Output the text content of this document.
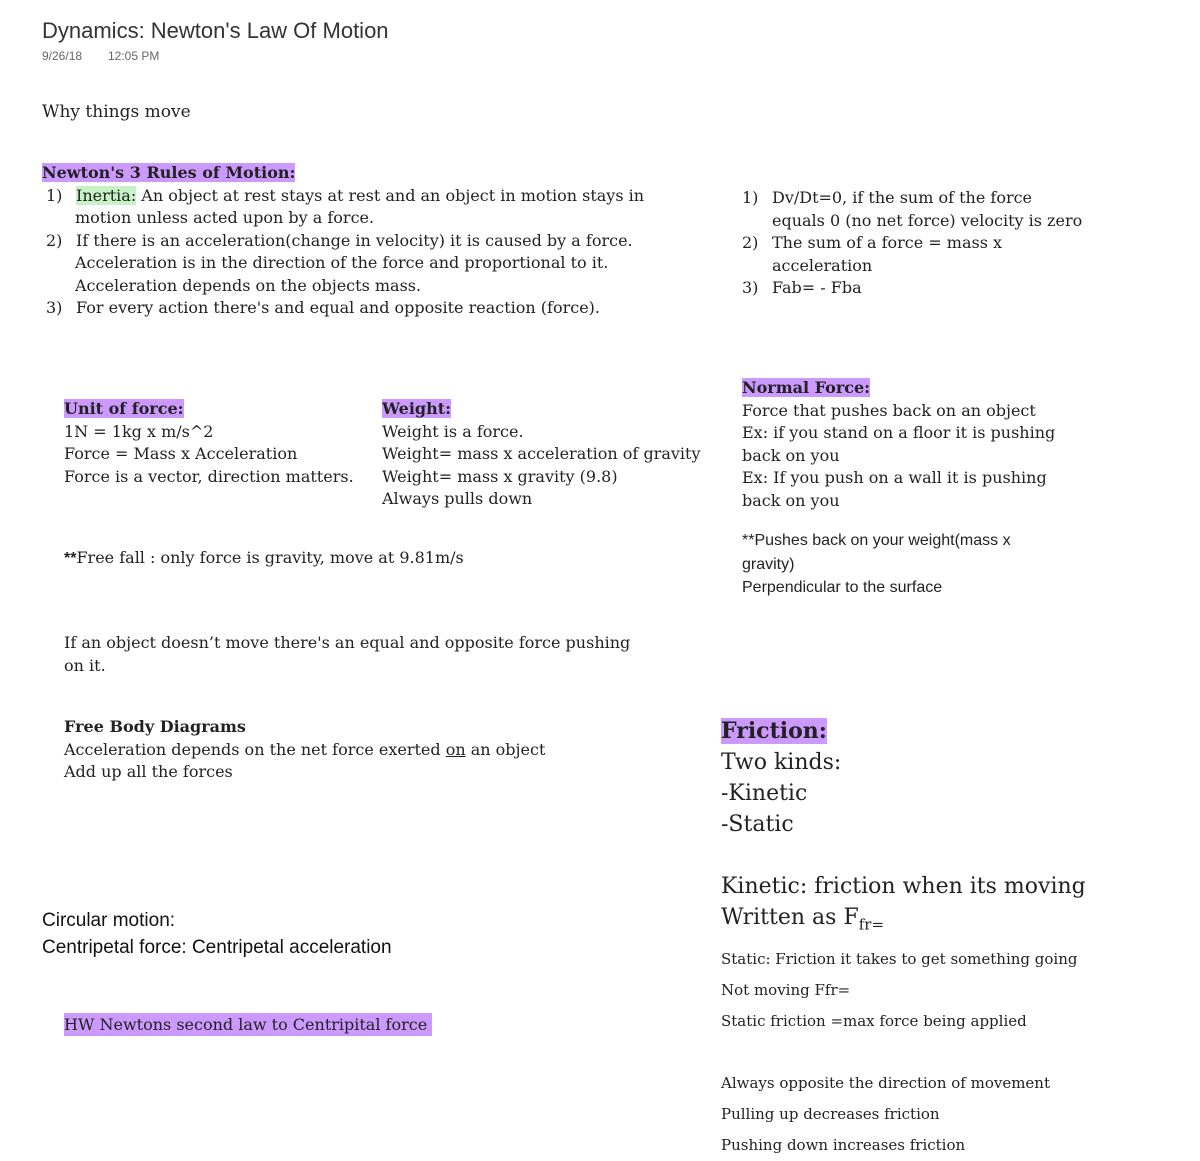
Dynamics: Newton's Law Of Motion
9/26/18 12:05 PM
Why things move
Newton's 3 Rules of Motion:
1) Inertia: An object at rest stays at rest and an object in motion stays in
motion unless acted upon by a force.
2) If there is an acceleration(change in velocity) it is caused by a force.
Acceleration is in the direction of the force and proportional to it.
Acceleration depends on the objects mass.
3) For every action there's and equal and opposite reaction (force).
1) Dv/Dt=0, if the sum of the force
equals 0 (no net force) velocity is zero
2) The sum of a force = mass x
acceleration
3) Fab= - Fba
Unit of force:
1N = 1kg x m/s^2
Force = Mass x Acceleration
Force is a vector, direction matters.
Weight:
Weight is a force.
Weight= mass x acceleration of gravity
Weight= mass x gravity (9.8)
Always pulls down
Normal Force:
Force that pushes back on an object
Ex: if you stand on a floor it is pushing
back on you
Ex: If you push on a wall it is pushing
back on you
**Pushes back on your weight(mass x
gravity)
Perpendicular to the surface
**Free fall : only force is gravity, move at 9.81m/s
If an object doesn’t move there's an equal and opposite force pushing
on it.
Free Body Diagrams
Acceleration depends on the net force exerted on an object
Add up all the forces
Friction:
Two kinds:
-Kinetic
-Static
Kinetic: friction when its moving
Written as $F_{fr=}$
Static: Friction it takes to get something going
Not moving Ffr=
Static friction =max force being applied
Always opposite the direction of movement
Pulling up decreases friction
Pushing down increases friction
Circular motion:
Centripetal force: Centripetal acceleration
HW Newtons second law to Centripital force
